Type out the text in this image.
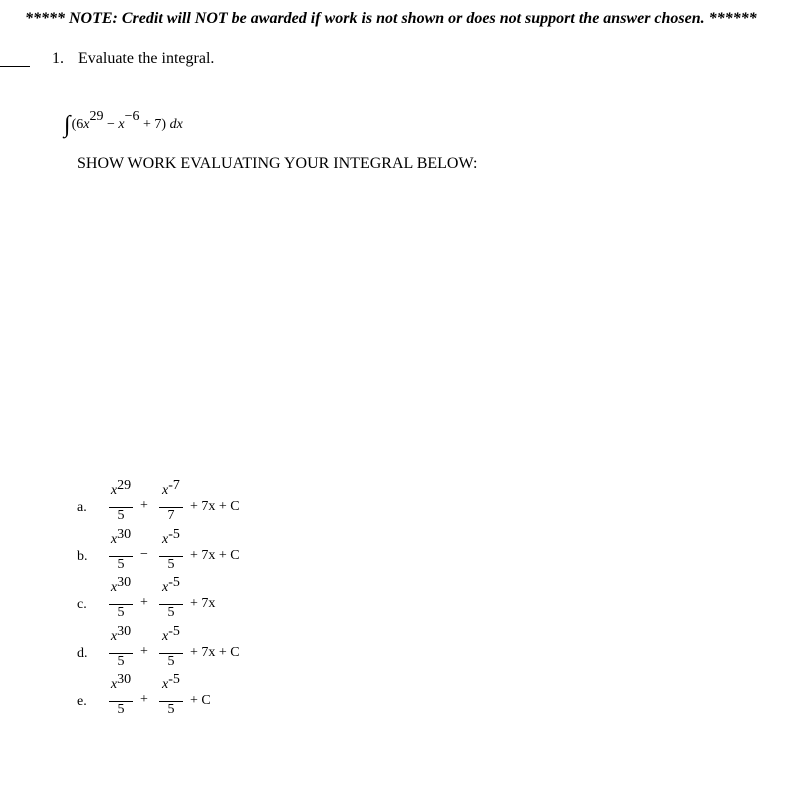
***** NOTE: Credit will NOT be awarded if work is not shown or does not support the answer chosen. ******
1. Evaluate the integral.
∫(6x29 − x−6 + 7) dx
SHOW WORK EVALUATING YOUR INTEGRAL BELOW:
a.
x29
5
+
x-7
7
+ 7x + C
b.
x30
5
−
x-5
5
+ 7x + C
c.
x30
5
+
x-5
5
+ 7x
d.
x30
5
+
x-5
5
+ 7x + C
e.
x30
5
+
x-5
5
+ C
